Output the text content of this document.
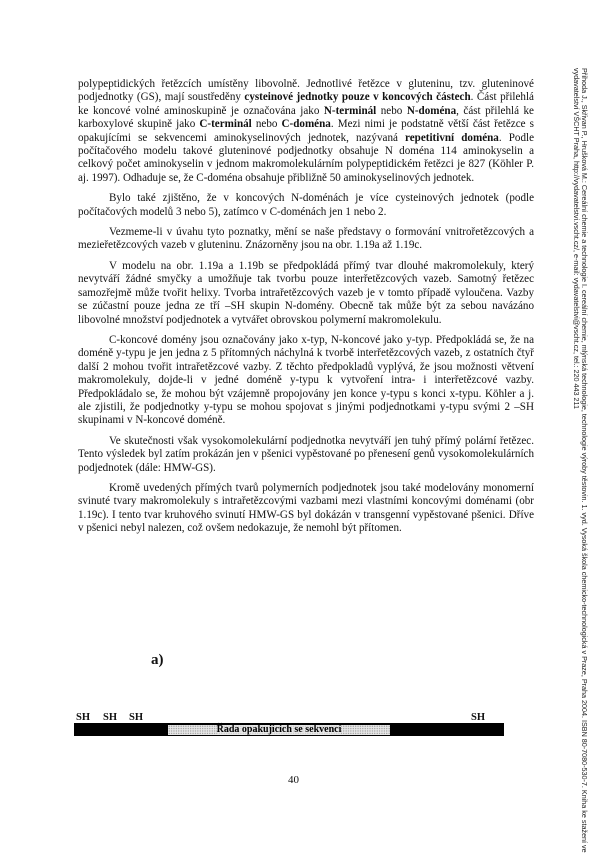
polypeptidických řetězcích umístěny libovolně. Jednotlivé řetězce v gluteninu, tzv. gluteninové podjednotky (GS), mají soustředěny cysteinové jednotky pouze v koncových částech. Část přilehlá ke koncové volné aminoskupině je označována jako N-terminál nebo N-doména, část přilehlá ke karboxylové skupině jako C-terminál nebo C-doména. Mezi nimi je podstatně větší část řetězce s opakujícími se sekvencemi aminokyselinových jednotek, nazývaná repetitivní doména. Podle počítačového modelu takové gluteninové podjednotky obsahuje N doména 114 aminokyselin a celkový počet aminokyselin v jednom makromolekulárním polypeptidickém řetězci je 827 (Köhler P. aj. 1997). Odhaduje se, že C-doména obsahuje přibližně 50 aminokyselinových jednotek.

Bylo také zjištěno, že v koncových N-doménách je více cysteinových jednotek (podle počítačových modelů 3 nebo 5), zatímco v C-doménách jen 1 nebo 2.

Vezmeme-li v úvahu tyto poznatky, mění se naše představy o formování vnitrořetězcových a mezieřetězcových vazeb v gluteninu. Znázorněny jsou na obr. 1.19a až 1.19c.

V modelu na obr. 1.19a a 1.19b se předpokládá přímý tvar dlouhé makromolekuly, který nevytváří žádné smyčky a umožňuje tak tvorbu pouze interřetězcových vazeb. Samotný řetězec samozřejmě může tvořit helixy. Tvorba intrařetězcových vazeb je v tomto případě vyloučena. Vazby se zúčastní pouze jedna ze tří –SH skupin N-domény. Obecně tak může být za sebou navázáno libovolné množství podjednotek a vytvářet obrovskou polymerní makromolekulu.

C-koncové domény jsou označovány jako x-typ, N-koncové jako y-typ. Předpokládá se, že na doméně y-typu je jen jedna z 5 přítomných náchylná k tvorbě interřetězcových vazeb, z ostatních čtyř další 2 mohou tvořit intrařetězcové vazby. Z těchto předpokladů vyplývá, že jsou možnosti větvení makromolekuly, dojde-li v jedné doméně y-typu k vytvoření intra- i interřetězcové vazby. Předpokládalo se, že mohou být vzájemně propojovány jen konce y-typu s konci x-typu. Köhler a j. ale zjistili, že podjednotky y-typu se mohou spojovat s jinými podjednotkami y-typu svými 2 –SH skupinami v N-koncové doméně.

Ve skutečnosti však vysokomolekulární podjednotka nevytváří jen tuhý přímý polární řetězec. Tento výsledek byl zatím prokázán jen v pšenici vypěstované po přenesení genů vysokomolekulárních podjednotek (dále: HMW-GS).

Kromě uvedených přímých tvarů polymerních podjednotek jsou také modelovány monomerní svinuté tvary makromolekuly s intrařetězcovými vazbami mezi vlastními koncovými doménami (obr 1.19c). I tento tvar kruhového svinutí HMW-GS byl dokázán v transgenní vypěstované pšenici. Dříve v pšenici nebyl nalezen, což ovšem nedokazuje, že nemohl být přítomen.	Příhoda J., Skřivan P., Hrušková M.: Cereální chemie a technologie I. cereální chemie, mlýnská technologie, technologie výroby těstovin. 1. vyd. Vysoká škola chemicko-technologická v Praze, Praha 2004. ISBN 80-7080-530-7. Kniha ke stažení ve vydavatelství VŠCHT Praha, http://vydavatelstvi.vscht.cz/, e-mail: vydavatelstvi@vscht.cz, tel.: 220 443 211
a)
SH SH SH	SH
Řada opakujících se sekvencí
40
